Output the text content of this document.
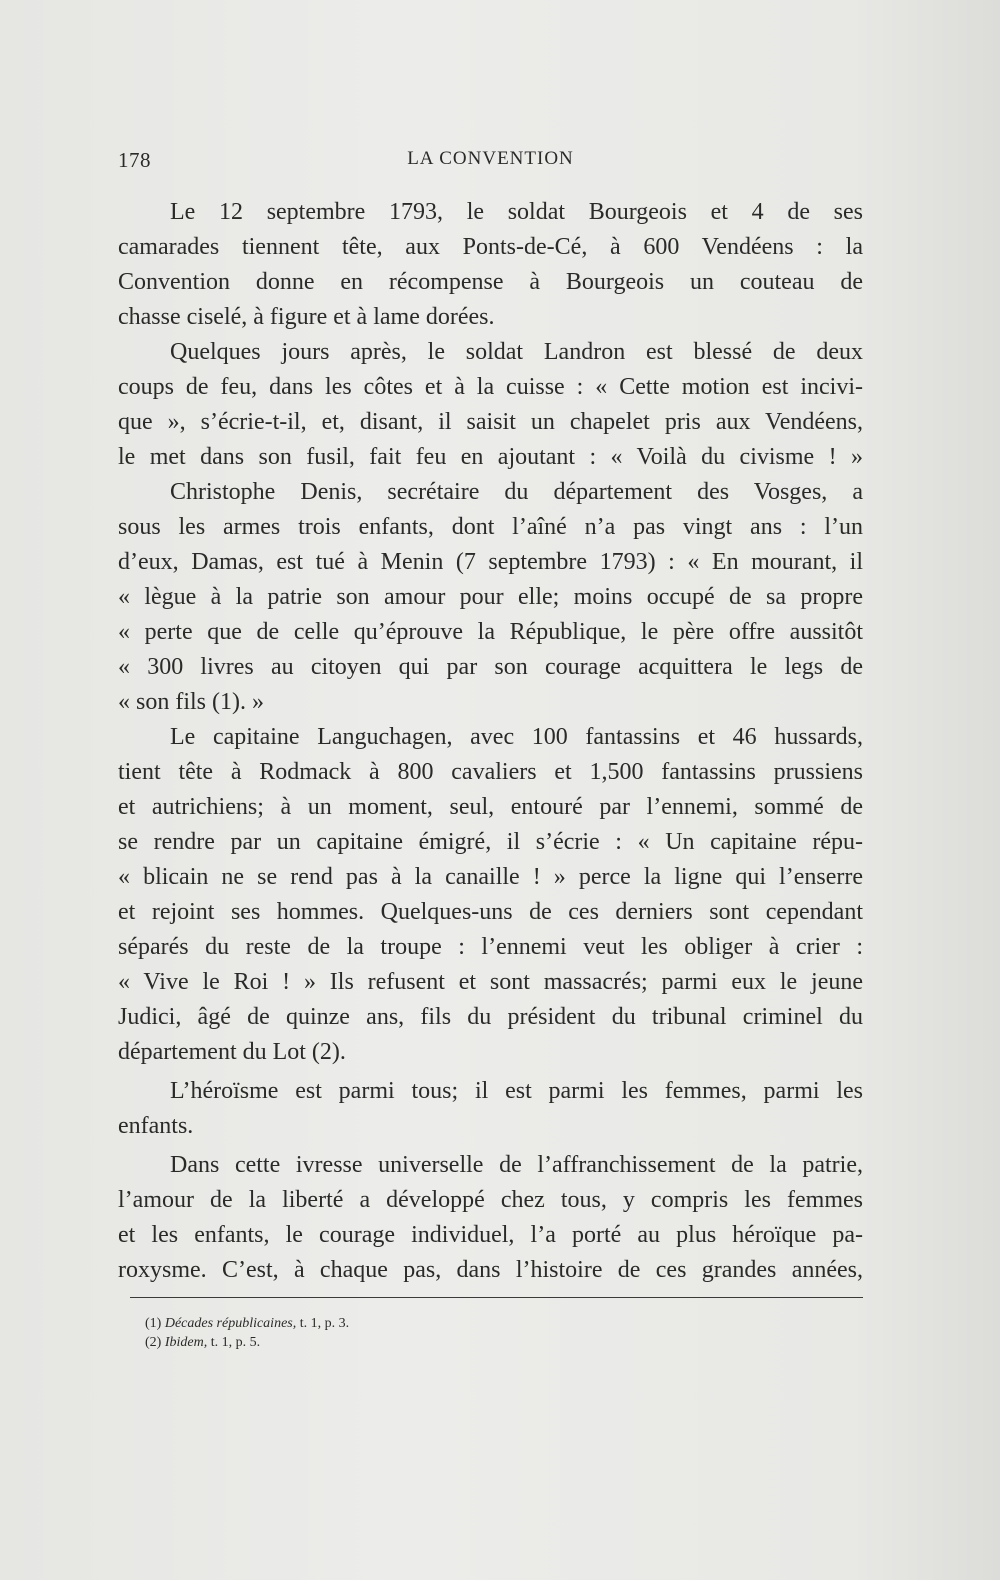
178	LA CONVENTION
Le 12 septembre 1793, le soldat Bourgeois et 4 de ses
camarades tiennent tête, aux Ponts-de-Cé, à 600 Vendéens : la
Convention donne en récompense à Bourgeois un couteau de
chasse ciselé, à figure et à lame dorées.
Quelques jours après, le soldat Landron est blessé de deux
coups de feu, dans les côtes et à la cuisse : « Cette motion est incivi-
que », s’écrie-t-il, et, disant, il saisit un chapelet pris aux Vendéens,
le met dans son fusil, fait feu en ajoutant : « Voilà du civisme ! »
Christophe Denis, secrétaire du département des Vosges, a
sous les armes trois enfants, dont l’aîné n’a pas vingt ans : l’un
d’eux, Damas, est tué à Menin (7 septembre 1793) : « En mourant, il
« lègue à la patrie son amour pour elle; moins occupé de sa propre
« perte que de celle qu’éprouve la République, le père offre aussitôt
« 300 livres au citoyen qui par son courage acquittera le legs de
« son fils (1). »
Le capitaine Languchagen, avec 100 fantassins et 46 hussards,
tient tête à Rodmack à 800 cavaliers et 1,500 fantassins prussiens
et autrichiens; à un moment, seul, entouré par l’ennemi, sommé de
se rendre par un capitaine émigré, il s’écrie : « Un capitaine répu-
« blicain ne se rend pas à la canaille ! » perce la ligne qui l’enserre
et rejoint ses hommes. Quelques-uns de ces derniers sont cependant
séparés du reste de la troupe : l’ennemi veut les obliger à crier :
« Vive le Roi ! » Ils refusent et sont massacrés; parmi eux le jeune
Judici, âgé de quinze ans, fils du président du tribunal criminel du
département du Lot (2).
L’héroïsme est parmi tous; il est parmi les femmes, parmi les
enfants.
Dans cette ivresse universelle de l’affranchissement de la patrie,
l’amour de la liberté a développé chez tous, y compris les femmes
et les enfants, le courage individuel, l’a porté au plus héroïque pa-
roxysme. C’est, à chaque pas, dans l’histoire de ces grandes années,
(1) Décades républicaines, t. 1, p. 3.
(2) Ibidem, t. 1, p. 5.
